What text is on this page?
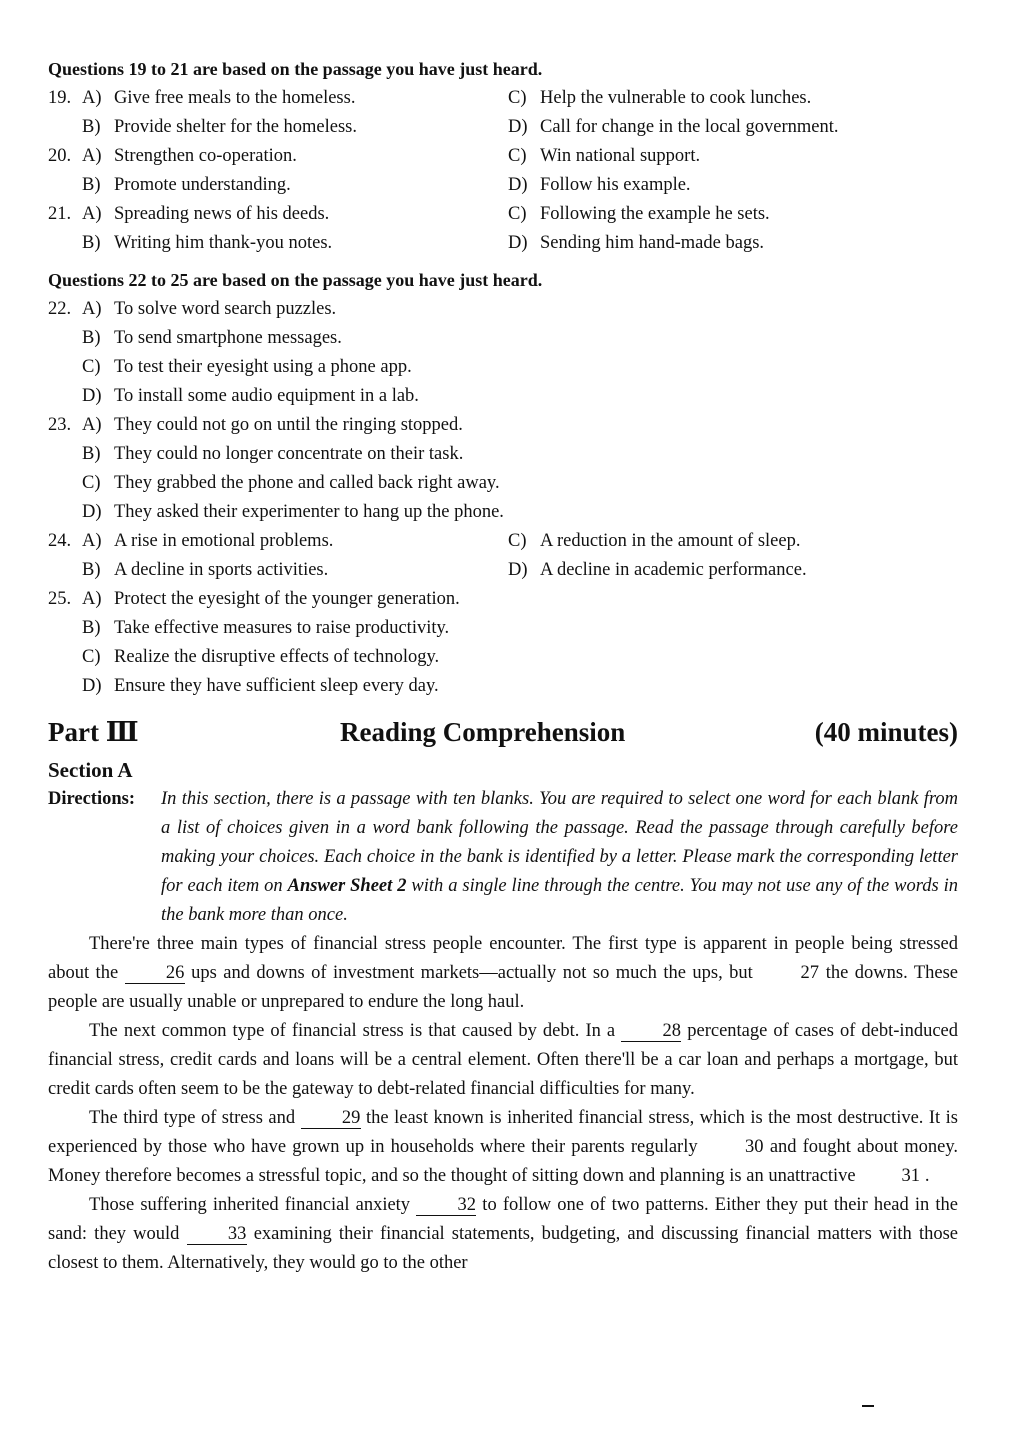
Questions 19 to 21 are based on the passage you have just heard.
19. A) Give free meals to the homeless.	C) Help the vulnerable to cook lunches.
B) Provide shelter for the homeless.	D) Call for change in the local government.
20. A) Strengthen co-operation.	C) Win national support.
B) Promote understanding.	D) Follow his example.
21. A) Spreading news of his deeds.	C) Following the example he sets.
B) Writing him thank-you notes.	D) Sending him hand-made bags.
Questions 22 to 25 are based on the passage you have just heard.
22. A) To solve word search puzzles.
B) To send smartphone messages.
C) To test their eyesight using a phone app.
D) To install some audio equipment in a lab.
23. A) They could not go on until the ringing stopped.
B) They could no longer concentrate on their task.
C) They grabbed the phone and called back right away.
D) They asked their experimenter to hang up the phone.
24. A) A rise in emotional problems.	C) A reduction in the amount of sleep.
B) A decline in sports activities.	D) A decline in academic performance.
25. A) Protect the eyesight of the younger generation.
B) Take effective measures to raise productivity.
C) Realize the disruptive effects of technology.
D) Ensure they have sufficient sleep every day.
Part Ⅲ	Reading Comprehension	(40 minutes)
Section A
Directions: In this section, there is a passage with ten blanks. You are required to select one word for each blank from a list of choices given in a word bank following the passage. Read the passage through carefully before making your choices. Each choice in the bank is identified by a letter. Please mark the corresponding letter for each item on Answer Sheet 2 with a single line through the centre. You may not use any of the words in the bank more than once.

There're three main types of financial stress people encounter. The first type is apparent in people being stressed about the 26 ups and downs of investment markets—actually not so much the ups, but 27 the downs. These people are usually unable or unprepared to endure the long haul.

The next common type of financial stress is that caused by debt. In a 28 percentage of cases of debt-induced financial stress, credit cards and loans will be a central element. Often there'll be a car loan and perhaps a mortgage, but credit cards often seem to be the gateway to debt-related financial difficulties for many.

The third type of stress and 29 the least known is inherited financial stress, which is the most destructive. It is experienced by those who have grown up in households where their parents regularly 30 and fought about money. Money therefore becomes a stressful topic, and so the thought of sitting down and planning is an unattractive 31 .

Those suffering inherited financial anxiety 32 to follow one of two patterns. Either they put their head in the sand: they would 33 examining their financial statements, budgeting, and discussing financial matters with those closest to them. Alternatively, they would go to the other
